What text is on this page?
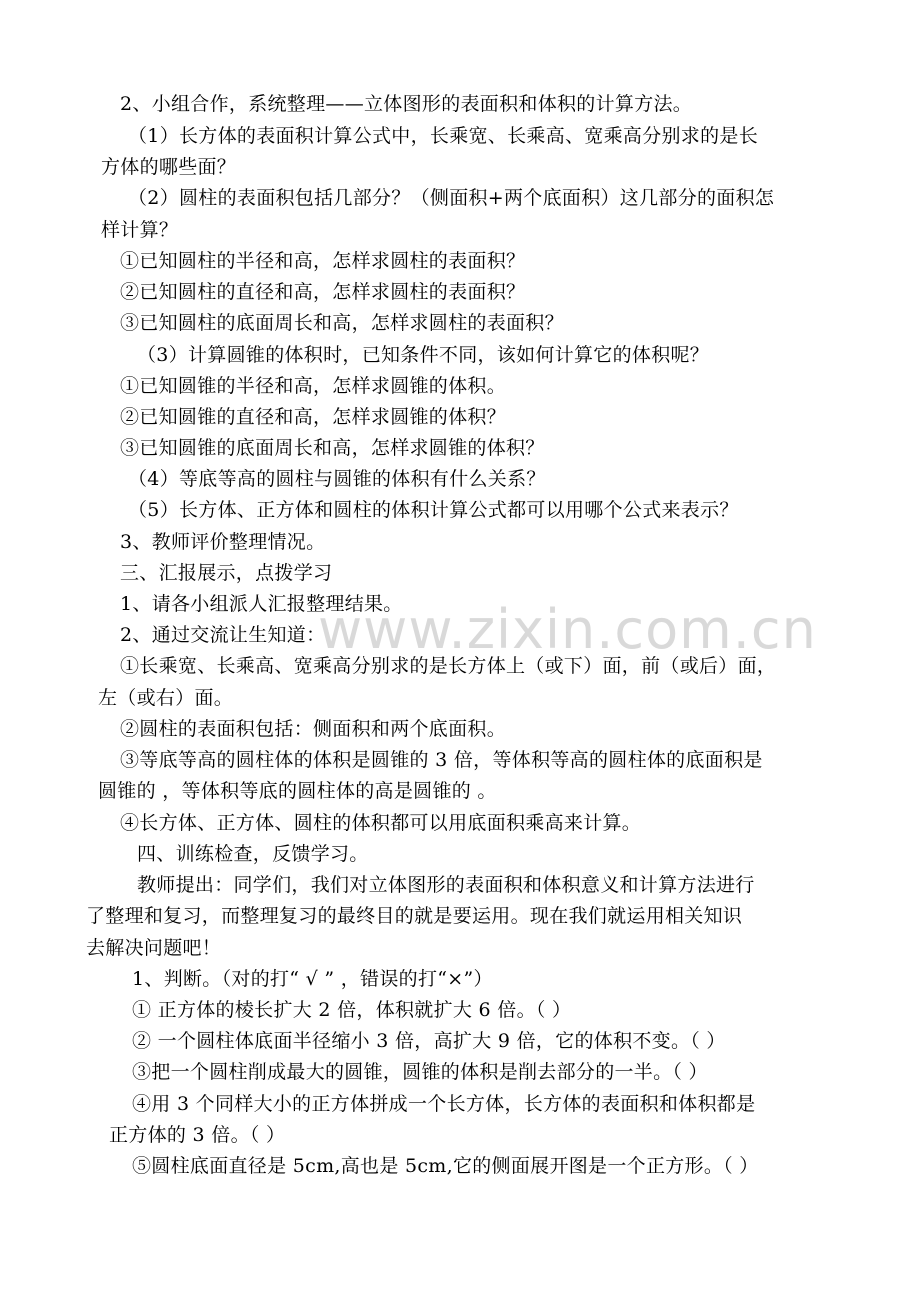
www.zixin.com.cn
2、小组合作，系统整理——立体图形的表面积和体积的计算方法。
（1）长方体的表面积计算公式中，长乘宽、长乘高、宽乘高分别求的是长
方体的哪些面？
（2）圆柱的表面积包括几部分？（侧面积+两个底面积）这几部分的面积怎
样计算？
①已知圆柱的半径和高，怎样求圆柱的表面积？
②已知圆柱的直径和高，怎样求圆柱的表面积？
③已知圆柱的底面周长和高，怎样求圆柱的表面积？
（3）计算圆锥的体积时，已知条件不同，该如何计算它的体积呢？
①已知圆锥的半径和高，怎样求圆锥的体积。
②已知圆锥的直径和高，怎样求圆锥的体积？
③已知圆锥的底面周长和高，怎样求圆锥的体积？
（4）等底等高的圆柱与圆锥的体积有什么关系？
（5）长方体、正方体和圆柱的体积计算公式都可以用哪个公式来表示？
3、教师评价整理情况。
三、汇报展示，点拨学习
1、请各小组派人汇报整理结果。
2、通过交流让生知道：
①长乘宽、长乘高、宽乘高分别求的是长方体上（或下）面，前（或后）面，
左（或右）面。
②圆柱的表面积包括：侧面积和两个底面积。
③等底等高的圆柱体的体积是圆锥的 3 倍，等体积等高的圆柱体的底面积是
圆锥的 ，等体积等底的圆柱体的高是圆锥的 。
④长方体、正方体、圆柱的体积都可以用底面积乘高来计算。
四、训练检查，反馈学习。
教师提出：同学们，我们对立体图形的表面积和体积意义和计算方法进行
了整理和复习，而整理复习的最终目的就是要运用。现在我们就运用相关知识
去解决问题吧！
1、判断。（对的打“ √ ” ，错误的打“×”）
① 正方体的棱长扩大 2 倍，体积就扩大 6 倍。（ ）
② 一个圆柱体底面半径缩小 3 倍，高扩大 9 倍，它的体积不变。（ ）
③把一个圆柱削成最大的圆锥，圆锥的体积是削去部分的一半。（ ）
④用 3 个同样大小的正方体拼成一个长方体，长方体的表面积和体积都是
正方体的 3 倍。（ ）
⑤圆柱底面直径是 5cm,高也是 5cm,它的侧面展开图是一个正方形。（ ）
